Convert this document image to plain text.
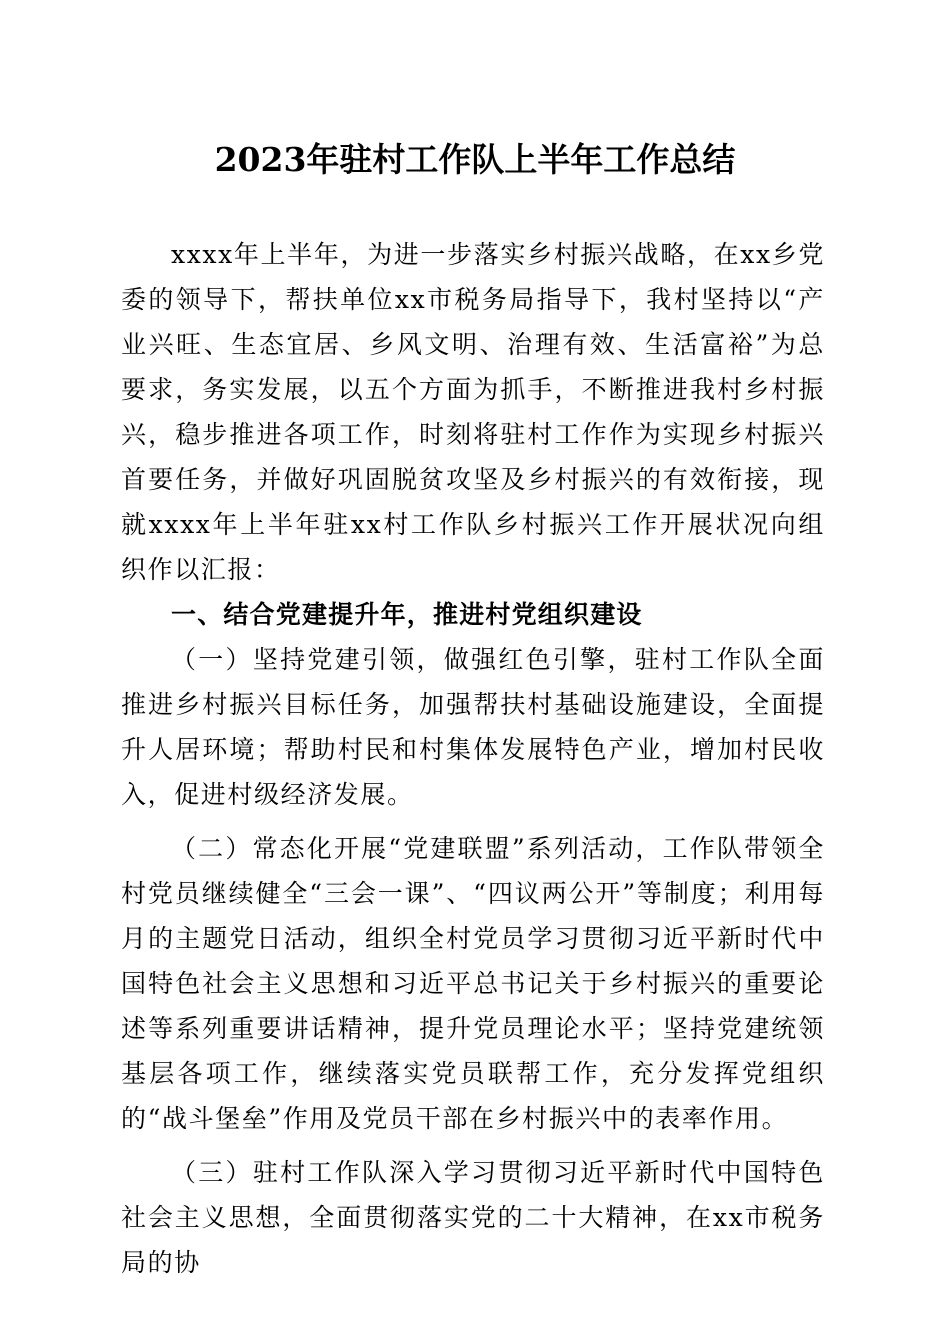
2023年驻村工作队上半年工作总结

xxxx年上半年，为进一步落实乡村振兴战略，在xx乡党委的领导下，帮扶单位xx市税务局指导下，我村坚持以“产业兴旺、生态宜居、乡风文明、治理有效、生活富裕”为总要求，务实发展，以五个方面为抓手，不断推进我村乡村振兴，稳步推进各项工作，时刻将驻村工作作为实现乡村振兴首要任务，并做好巩固脱贫攻坚及乡村振兴的有效衔接，现就xxxx年上半年驻xx村工作队乡村振兴工作开展状况向组织作以汇报：

一、结合党建提升年，推进村党组织建设

（一）坚持党建引领，做强红色引擎，驻村工作队全面推进乡村振兴目标任务，加强帮扶村基础设施建设，全面提升人居环境；帮助村民和村集体发展特色产业，增加村民收入，促进村级经济发展。

（二）常态化开展“党建联盟”系列活动，工作队带领全村党员继续健全“三会一课”、“四议两公开”等制度；利用每月的主题党日活动，组织全村党员学习贯彻习近平新时代中国特色社会主义思想和习近平总书记关于乡村振兴的重要论述等系列重要讲话精神，提升党员理论水平；坚持党建统领基层各项工作，继续落实党员联帮工作，充分发挥党组织的“战斗堡垒”作用及党员干部在乡村振兴中的表率作用。

（三）驻村工作队深入学习贯彻习近平新时代中国特色社会主义思想，全面贯彻落实党的二十大精神，在xx市税务局的协
